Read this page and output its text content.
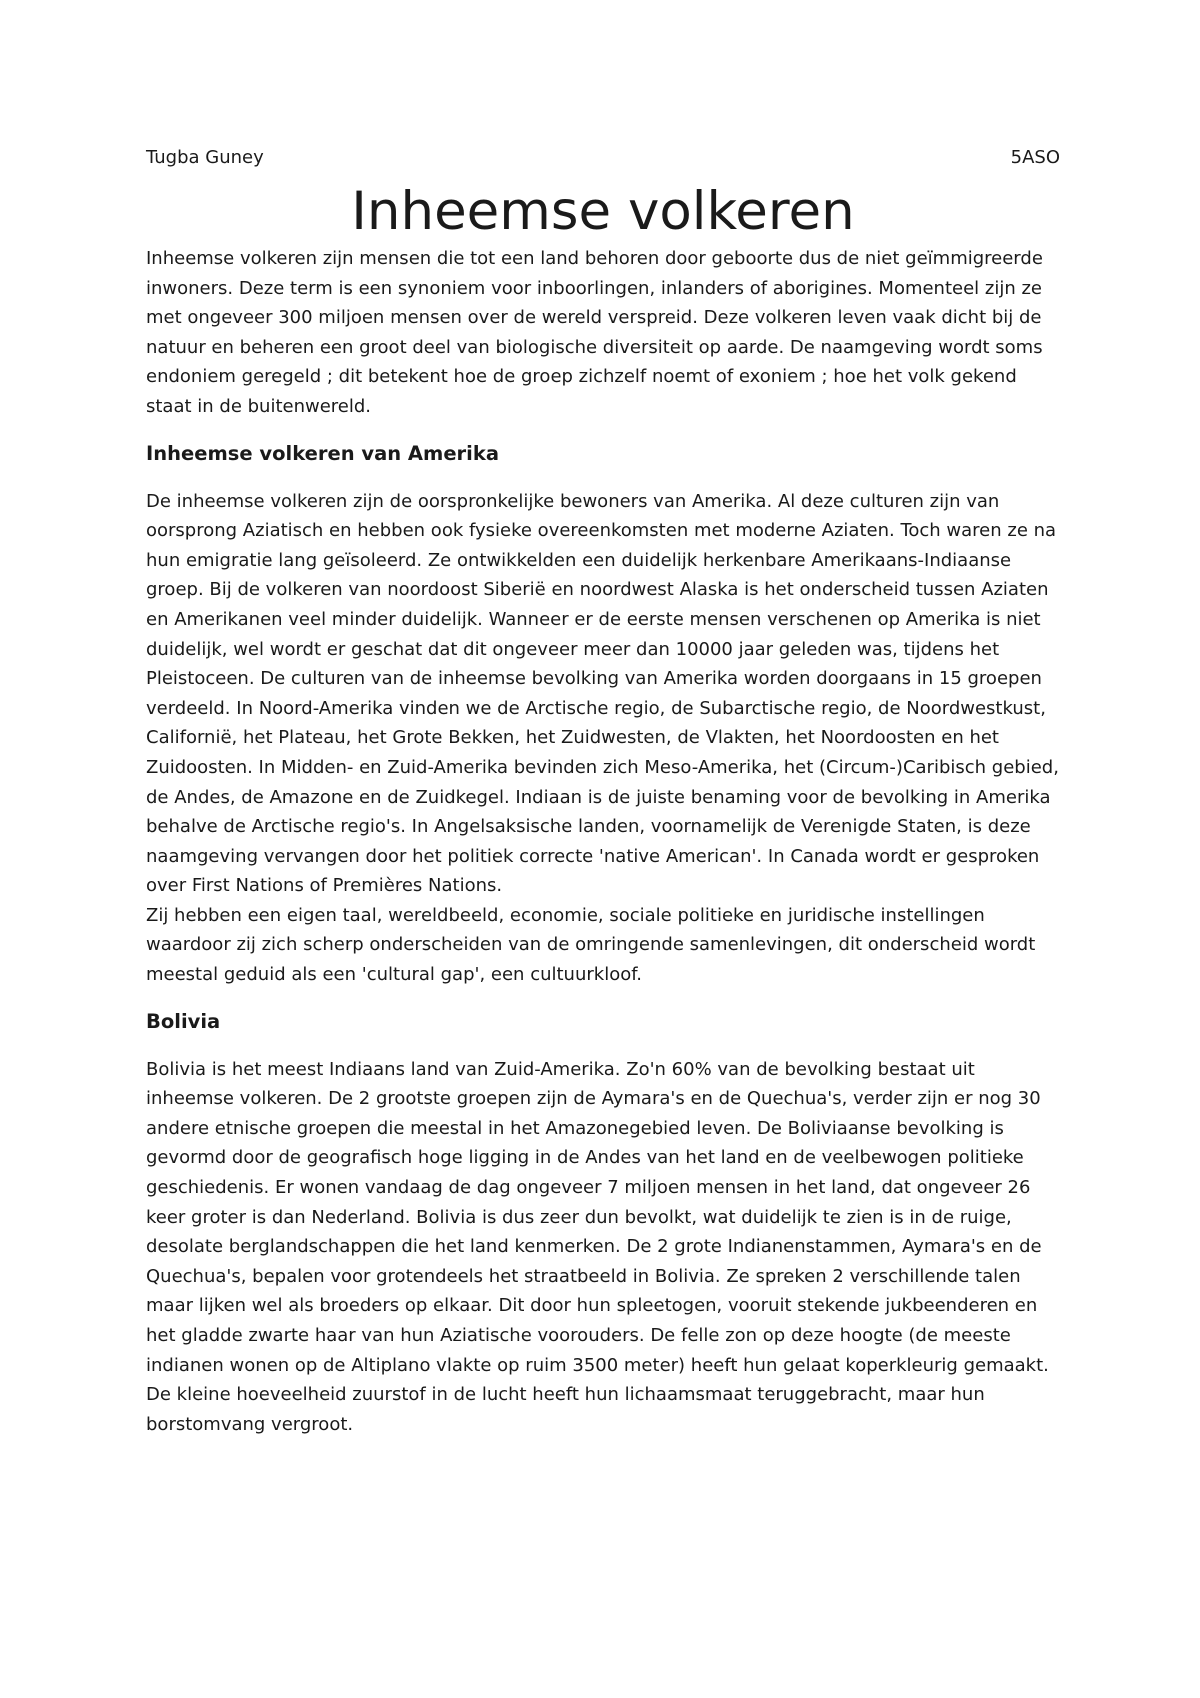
Tugba Guney	5ASO
Inheemse volkeren

Inheemse volkeren zijn mensen die tot een land behoren door geboorte dus de niet geïmmigreerde inwoners. Deze term is een synoniem voor inboorlingen, inlanders of aborigines. Momenteel zijn ze met ongeveer 300 miljoen mensen over de wereld verspreid. Deze volkeren leven vaak dicht bij de natuur en beheren een groot deel van biologische diversiteit op aarde. De naamgeving wordt soms endoniem geregeld ; dit betekent hoe de groep zichzelf noemt of exoniem ; hoe het volk gekend staat in de buitenwereld.

Inheemse volkeren van Amerika

De inheemse volkeren zijn de oorspronkelijke bewoners van Amerika. Al deze culturen zijn van oorsprong Aziatisch en hebben ook fysieke overeenkomsten met moderne Aziaten. Toch waren ze na hun emigratie lang geïsoleerd. Ze ontwikkelden een duidelijk herkenbare Amerikaans-Indiaanse groep. Bij de volkeren van noordoost Siberië en noordwest Alaska is het onderscheid tussen Aziaten en Amerikanen veel minder duidelijk. Wanneer er de eerste mensen verschenen op Amerika is niet duidelijk, wel wordt er geschat dat dit ongeveer meer dan 10000 jaar geleden was, tijdens het Pleistoceen. De culturen van de inheemse bevolking van Amerika worden doorgaans in 15 groepen verdeeld. In Noord-Amerika vinden we de Arctische regio, de Subarctische regio, de Noordwestkust, Californië, het Plateau, het Grote Bekken, het Zuidwesten, de Vlakten, het Noordoosten en het Zuidoosten. In Midden- en Zuid-Amerika bevinden zich Meso-Amerika, het (Circum-)Caribisch gebied, de Andes, de Amazone en de Zuidkegel. Indiaan is de juiste benaming voor de bevolking in Amerika behalve de Arctische regio's. In Angelsaksische landen, voornamelijk de Verenigde Staten, is deze naamgeving vervangen door het politiek correcte 'native American'. In Canada wordt er gesproken over First Nations of Premières Nations.

Zij hebben een eigen taal, wereldbeeld, economie, sociale politieke en juridische instellingen waardoor zij zich scherp onderscheiden van de omringende samenlevingen, dit onderscheid wordt meestal geduid als een 'cultural gap', een cultuurkloof.

Bolivia

Bolivia is het meest Indiaans land van Zuid-Amerika. Zo'n 60% van de bevolking bestaat uit inheemse volkeren. De 2 grootste groepen zijn de Aymara's en de Quechua's, verder zijn er nog 30 andere etnische groepen die meestal in het Amazonegebied leven. De Boliviaanse bevolking is gevormd door de geografisch hoge ligging in de Andes van het land en de veelbewogen politieke geschiedenis. Er wonen vandaag de dag ongeveer 7 miljoen mensen in het land, dat ongeveer 26 keer groter is dan Nederland. Bolivia is dus zeer dun bevolkt, wat duidelijk te zien is in de ruige, desolate berglandschappen die het land kenmerken. De 2 grote Indianenstammen, Aymara's en de Quechua's, bepalen voor grotendeels het straatbeeld in Bolivia. Ze spreken 2 verschillende talen maar lijken wel als broeders op elkaar. Dit door hun spleetogen, vooruit stekende jukbeenderen en het gladde zwarte haar van hun Aziatische voorouders. De felle zon op deze hoogte (de meeste indianen wonen op de Altiplano vlakte op ruim 3500 meter) heeft hun gelaat koperkleurig gemaakt. De kleine hoeveelheid zuurstof in de lucht heeft hun lichaamsmaat teruggebracht, maar hun borstomvang vergroot.
